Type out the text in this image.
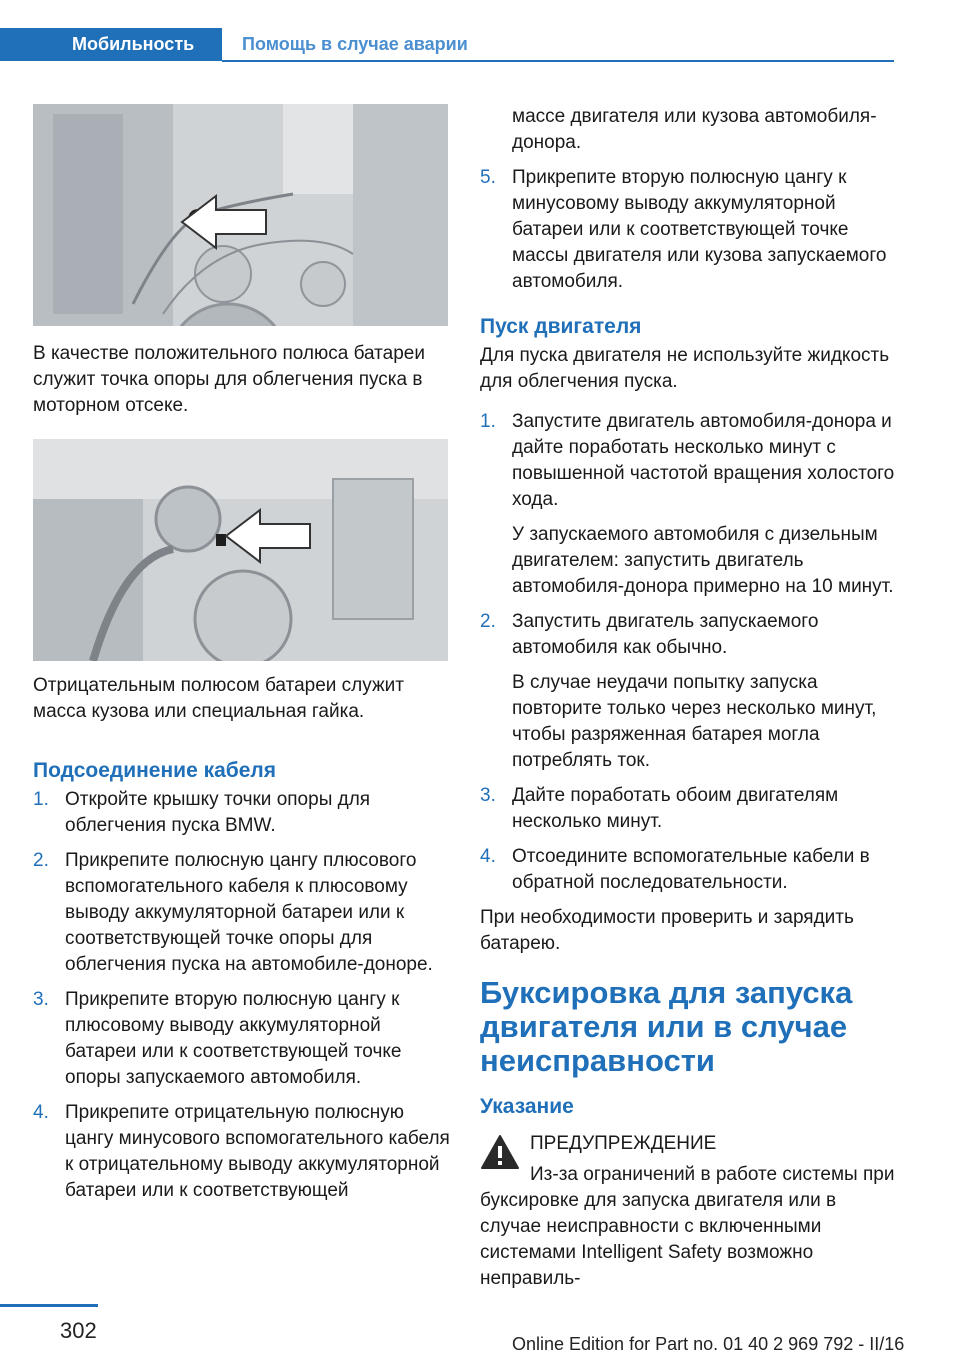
Мобильность	Помощь в случае аварии
В качестве положительного полюса батареи служит точка опоры для облегчения пуска в моторном отсеке.
Отрицательным полюсом батареи служит масса кузова или специальная гайка.
Подсоединение кабеля
1. Откройте крышку точки опоры для облегчения пуска BMW.
2. Прикрепите полюсную цангу плюсового вспомогательного кабеля к плюсовому выводу аккумуляторной батареи или к соответствующей точке опоры для облегчения пуска на автомобиле-доноре.
3. Прикрепите вторую полюсную цангу к плюсовому выводу аккумуляторной батареи или к соответствующей точке опоры запускаемого автомобиля.
4. Прикрепите отрицательную полюсную цангу минусового вспомогательного кабеля к отрицательному выводу аккумуляторной батареи или к соответствующей
массе двигателя или кузова автомобиля-донора.
5. Прикрепите вторую полюсную цангу к минусовому выводу аккумуляторной батареи или к соответствующей точке массы двигателя или кузова запускаемого автомобиля.
Пуск двигателя
Для пуска двигателя не используйте жидкость для облегчения пуска.
1. Запустите двигатель автомобиля-донора и дайте поработать несколько минут с повышенной частотой вращения холостого хода.
У запускаемого автомобиля с дизельным двигателем: запустить двигатель автомобиля-донора примерно на 10 минут.
2. Запустить двигатель запускаемого автомобиля как обычно.
В случае неудачи попытку запуска повторите только через несколько минут, чтобы разряженная батарея могла потреблять ток.
3. Дайте поработать обоим двигателям несколько минут.
4. Отсоедините вспомогательные кабели в обратной последовательности.
При необходимости проверить и зарядить батарею.
Буксировка для запуска двигателя или в случае неисправности
Указание
ПРЕДУПРЕЖДЕНИЕ
Из-за ограничений в работе системы при буксировке для запуска двигателя или в случае неисправности с включенными системами Intelligent Safety возможно неправиль-
302
Online Edition for Part no. 01 40 2 969 792 - II/16
